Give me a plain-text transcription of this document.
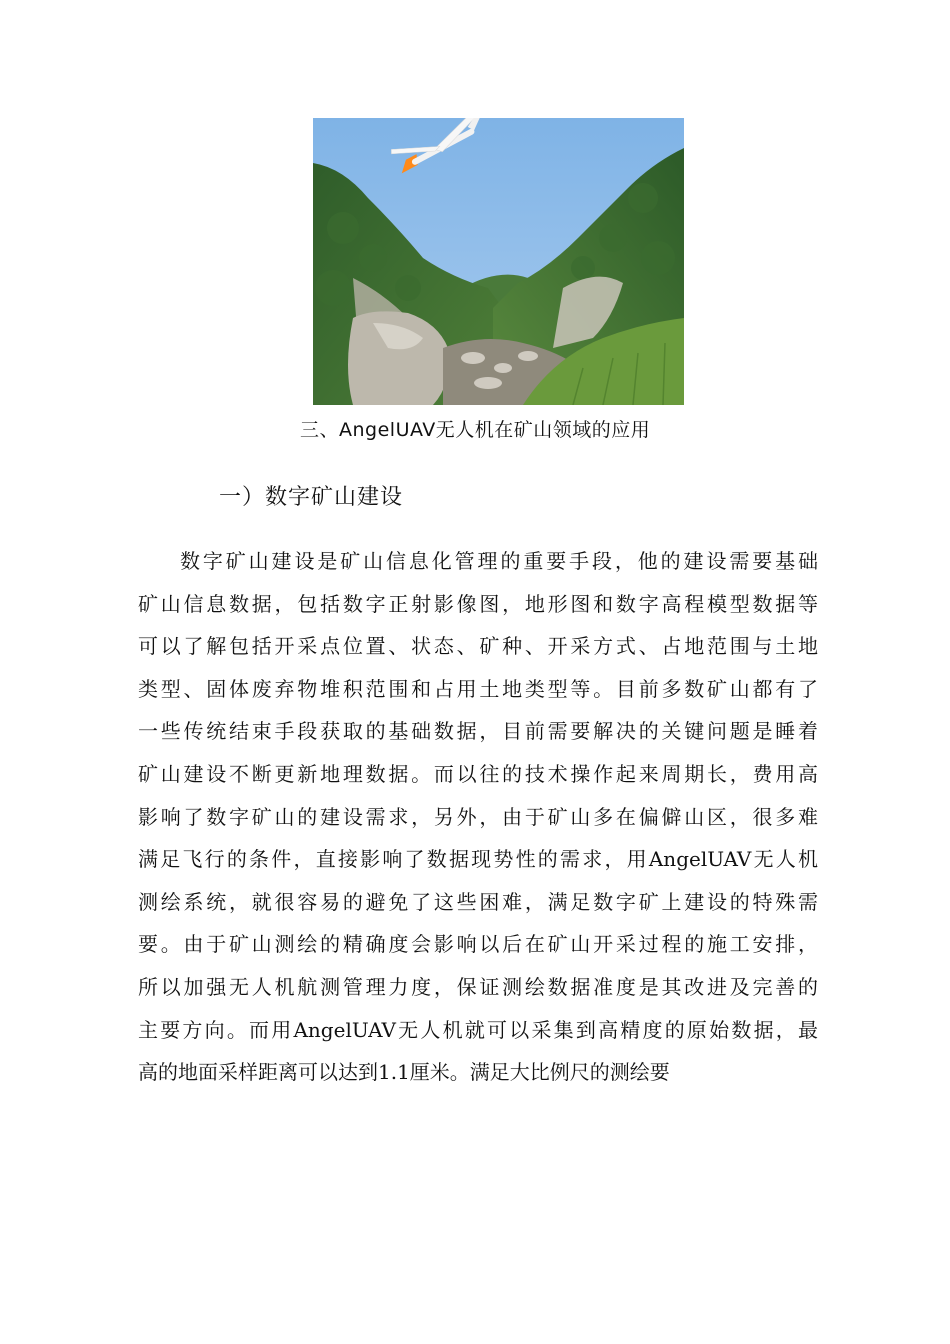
三、AngelUAV无人机在矿山领域的应用
一）数字矿山建设
数字矿山建设是矿山信息化管理的重要手段，他的建设需要基础
矿山信息数据，包括数字正射影像图，地形图和数字高程模型数据等
可以了解包括开采点位置、状态、矿种、开采方式、占地范围与土地
类型、固体废弃物堆积范围和占用土地类型等。目前多数矿山都有了
一些传统结束手段获取的基础数据，目前需要解决的关键问题是睡着
矿山建设不断更新地理数据。而以往的技术操作起来周期长，费用高
影响了数字矿山的建设需求，另外，由于矿山多在偏僻山区，很多难
满足飞行的条件，直接影响了数据现势性的需求，用AngelUAV无人机
测绘系统，就很容易的避免了这些困难，满足数字矿上建设的特殊需
要。由于矿山测绘的精确度会影响以后在矿山开采过程的施工安排，
所以加强无人机航测管理力度，保证测绘数据准度是其改进及完善的
主要方向。而用AngelUAV无人机就可以采集到高精度的原始数据，最
高的地面采样距离可以达到1.1厘米。满足大比例尺的测绘要
